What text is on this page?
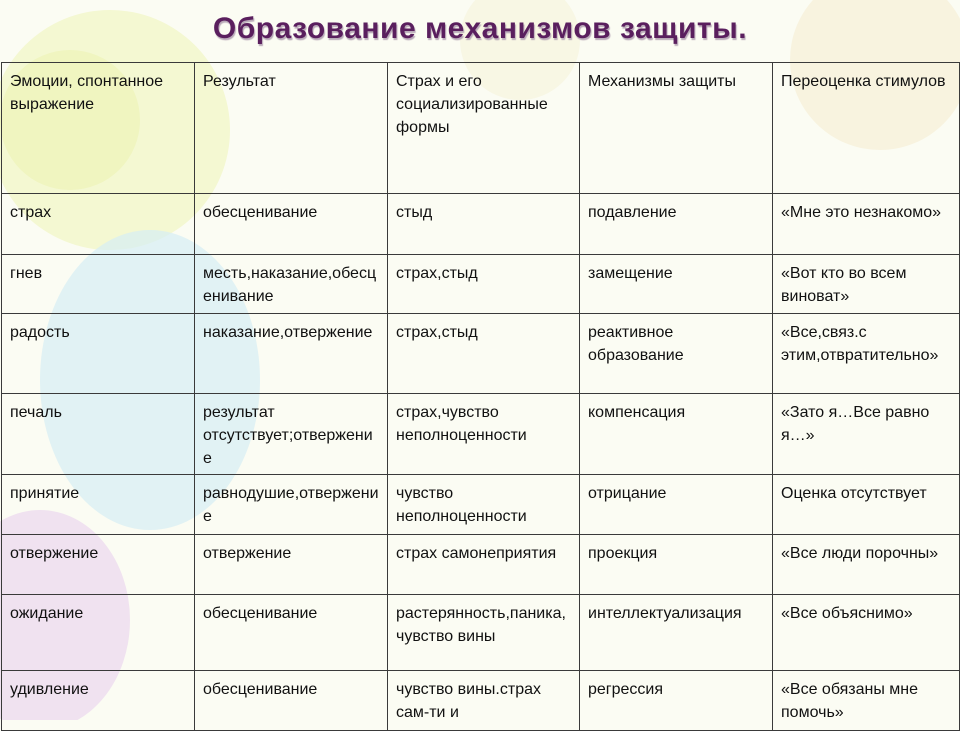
Образование механизмов защиты.
Эмоции, спонтанное выражение	Результат	Страх и его социализированные формы	Механизмы защиты	Переоценка стимулов
страх	обесценивание	стыд	подавление	«Мне это незнакомо»
гнев	месть,наказание,обесценивание	страх,стыд	замещение	«Вот кто во всем виноват»
радость	наказание,отвержение	страх,стыд	реактивное образование	«Все,связ.с этим,отвратительно»
печаль	результат отсутствует;отвержение	страх,чувство неполноценности	компенсация	«Зато я…Все равно я…»
принятие	равнодушие,отвержение	чувство неполноценности	отрицание	Оценка отсутствует
отвержение	отвержение	страх самонеприятия	проекция	«Все люди порочны»
ожидание	обесценивание	растерянность,паника,чувство вины	интеллектуализация	«Все объяснимо»
удивление	обесценивание	чувство вины.страх сам-ти и	регрессия	«Все обязаны мне помочь»
